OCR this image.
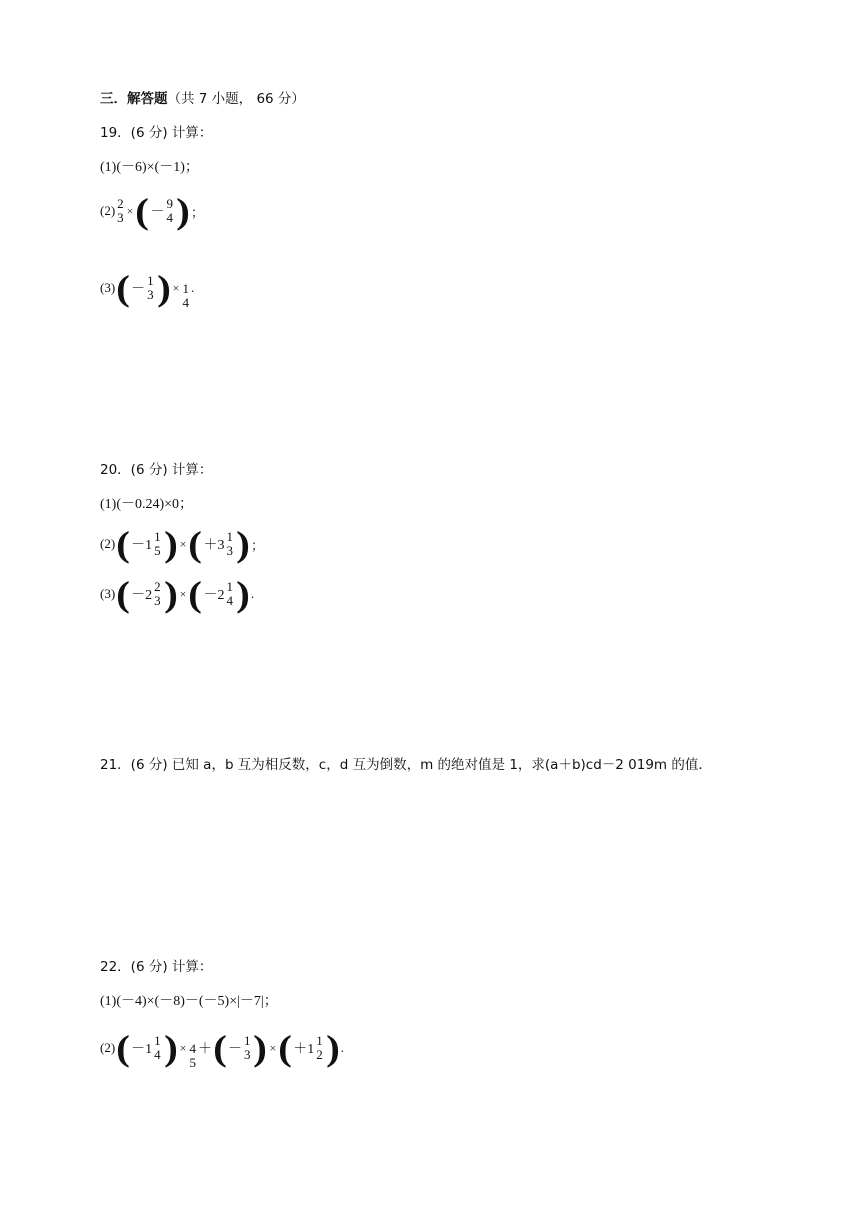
三．解答题（共 7 小题， 66 分）
19．(6 分) 计算：
(1)(－6)×(－1)；
(2) 2
3 × ( －
9
4 ) ；
(3) ( －
1
3 ) × 1
4
.
20．(6 分) 计算：
(1)(－0.24)×0；
(2) ( －1
1
5 ) × ( ＋3
1
3 ) ；
(3) ( －2
2
3 ) × ( －2
1
4 ) .
21．(6 分) 已知 a，b 互为相反数，c，d 互为倒数，m 的绝对值是 1，求(a＋b)cd－2 019m 的值．
22．(6 分) 计算：
(1)(－4)×(－8)－(－5)×|－7|；
(2) ( －1
1
4 ) × 4
5
＋ ( －
1
3 ) × ( ＋1
1
2 ) .
